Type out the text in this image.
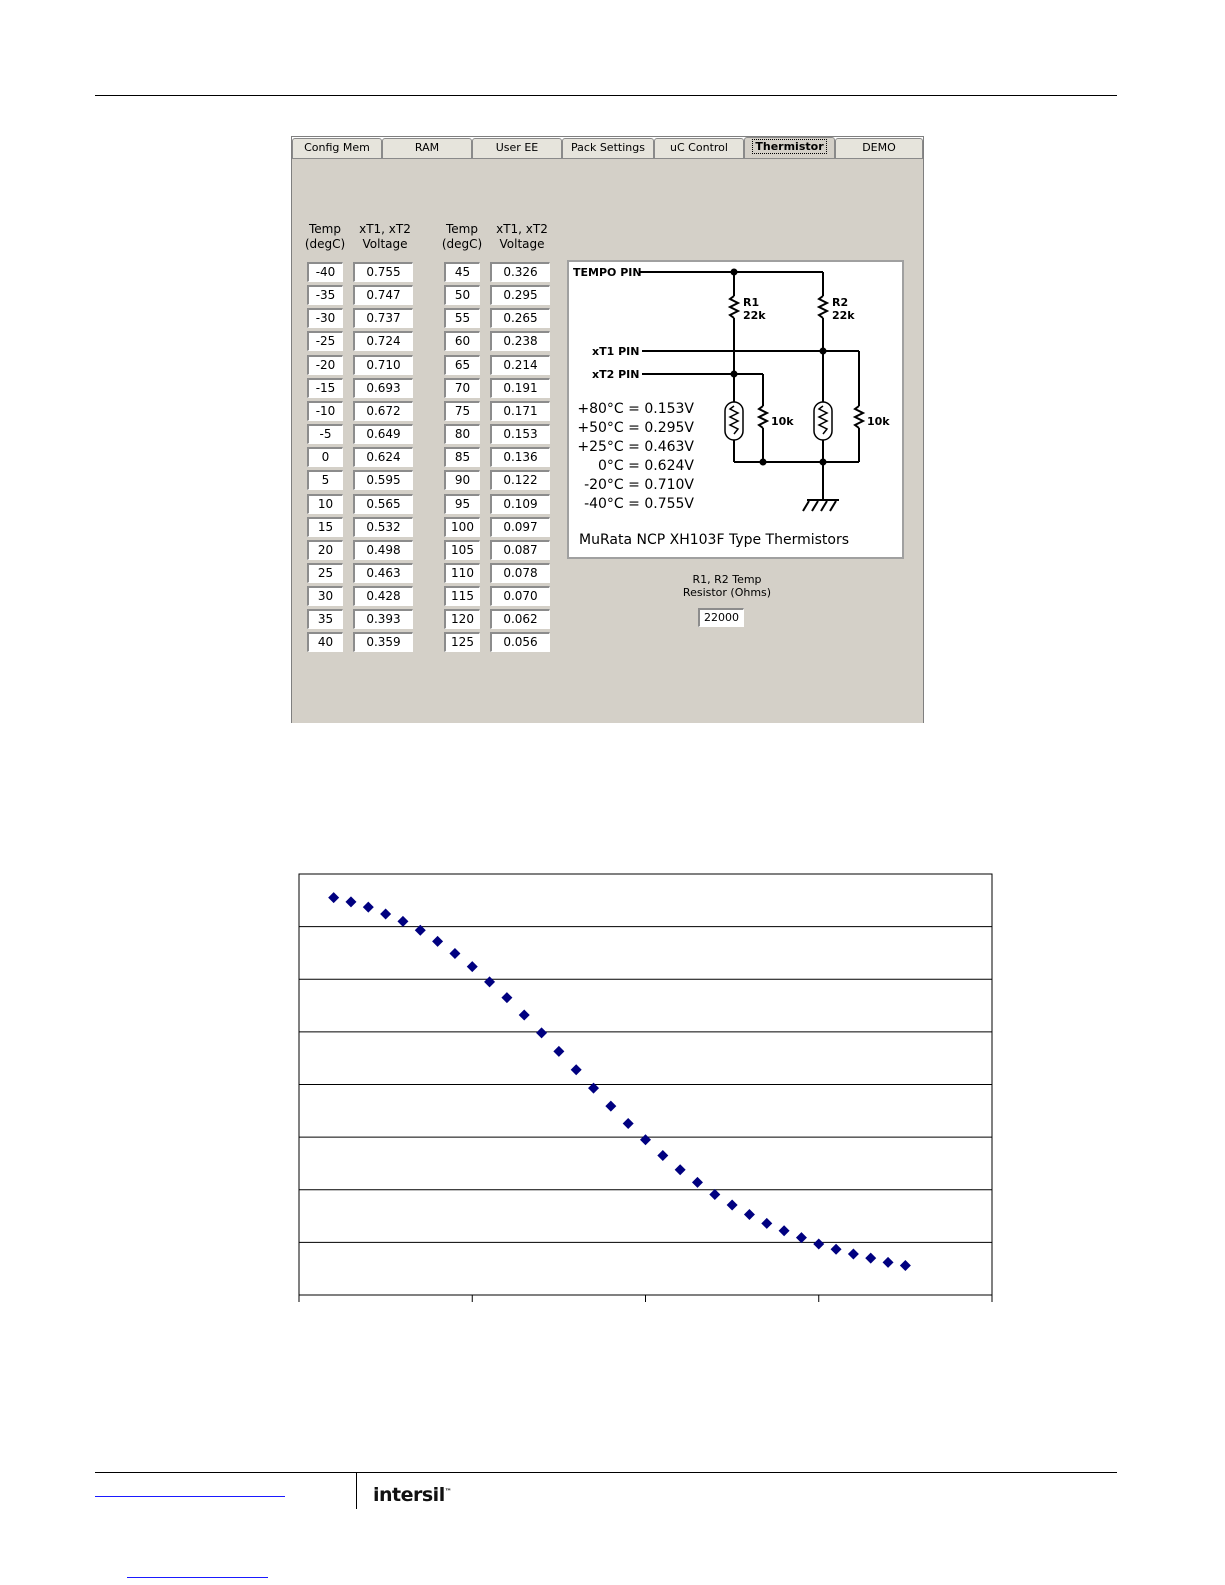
Config Mem	RAM	User EE	Pack Settings	uC Control	DEMO
Thermistor
Temp
(degC)
xT1, xT2
Voltage
Temp
(degC)
xT1, xT2
Voltage
-40	0.755
-35	0.747
-30	0.737
-25	0.724
-20	0.710
-15	0.693
-10	0.672
-5	0.649
0	0.624
5	0.595
10	0.565
15	0.532
20	0.498
25	0.463
30	0.428
35	0.393
40	0.359
45	0.326
50	0.295
55	0.265
60	0.238
65	0.214
70	0.191
75	0.171
80	0.153
85	0.136
90	0.122
95	0.109
100	0.097
105	0.087
110	0.078
115	0.070
120	0.062
125	0.056
TEMPO PIN
xT1 PIN
xT2 PIN
R1
22k
R2
22k
10k	10k
+80°C = 0.153V
+50°C = 0.295V
+25°C = 0.463V
0°C = 0.624V
-20°C = 0.710V
-40°C = 0.755V
MuRata NCP XH103F Type Thermistors
R1, R2 Temp
Resistor (Ohms)
22000
intersil™
